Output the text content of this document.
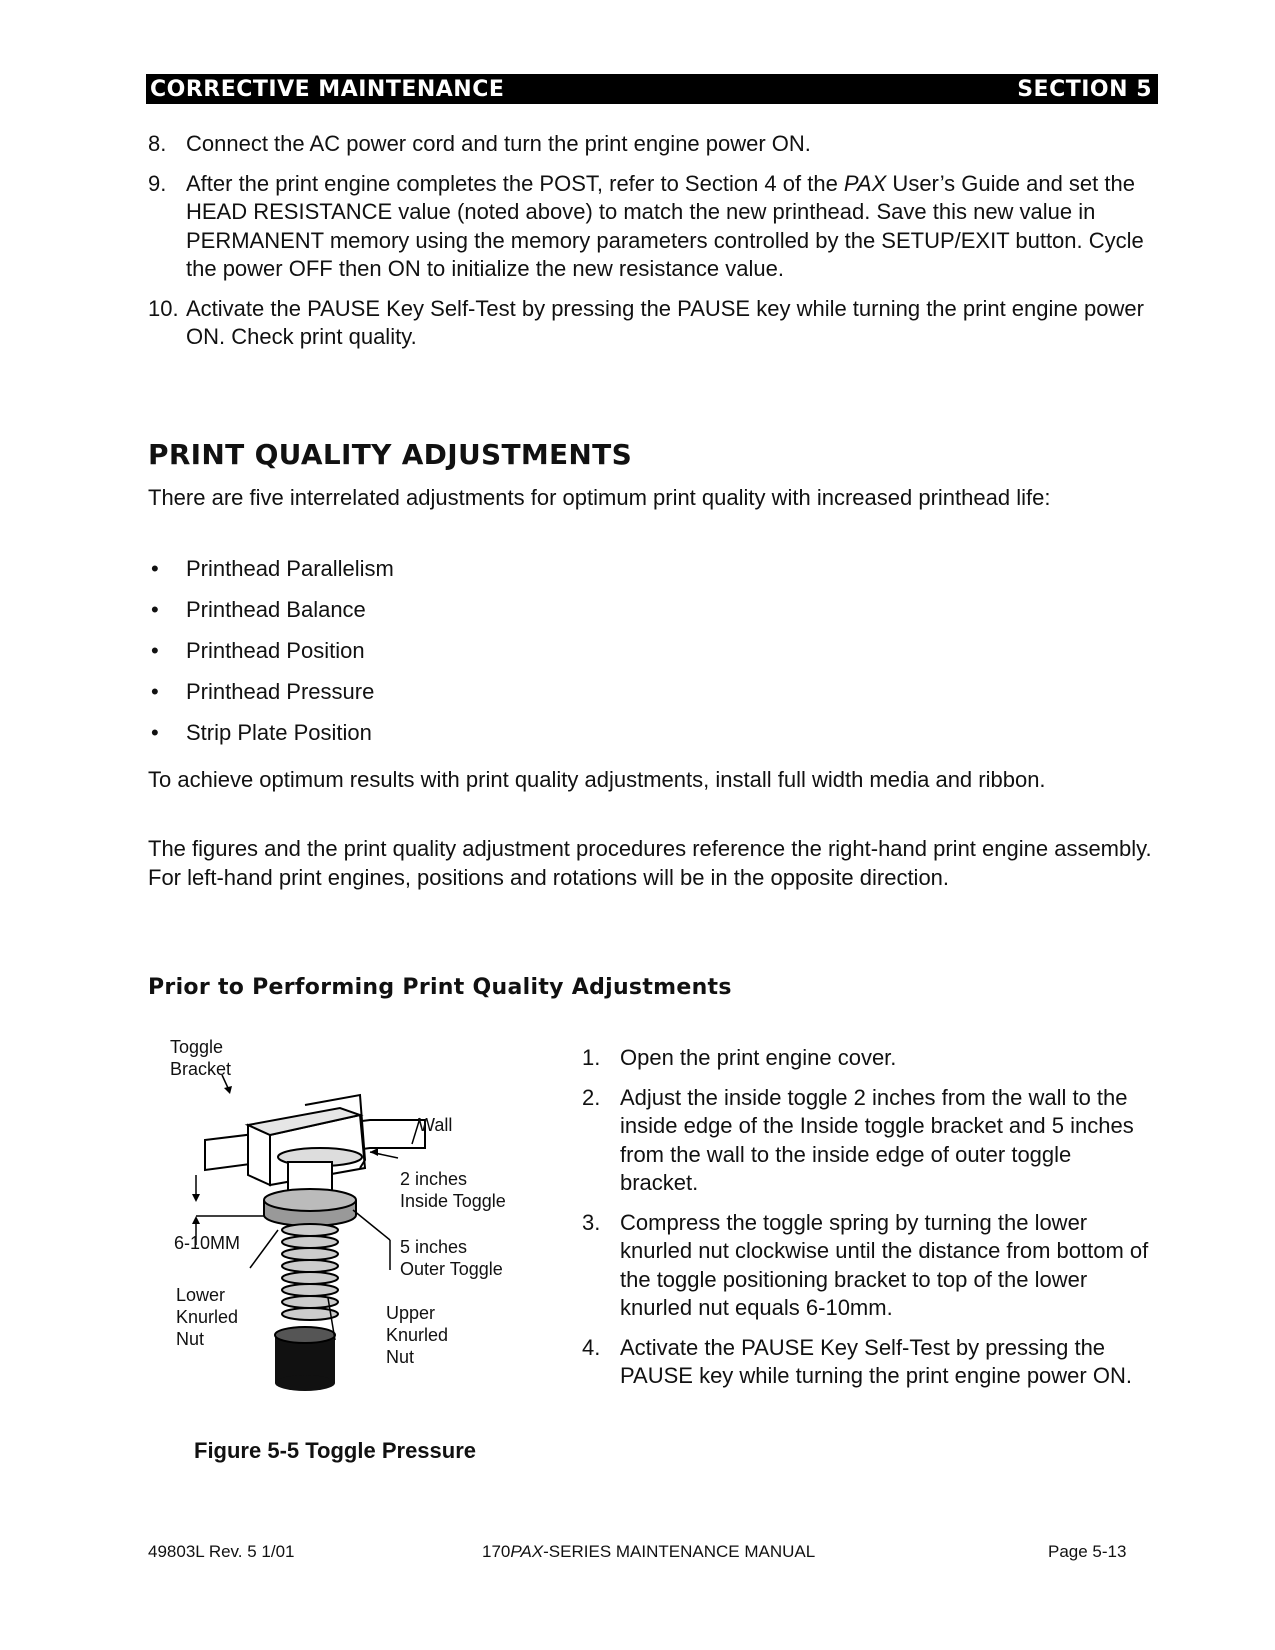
CORRECTIVE MAINTENANCE	SECTION 5
8. Connect the AC power cord and turn the print engine power ON.
9. After the print engine completes the POST, refer to Section 4 of the PAX User’s Guide and set the HEAD RESISTANCE value (noted above) to match the new printhead. Save this new value in PERMANENT memory using the memory parameters controlled by the SETUP/EXIT button. Cycle the power OFF then ON to initialize the new resistance value.
10. Activate the PAUSE Key Self-Test by pressing the PAUSE key while turning the print engine power ON. Check print quality.
PRINT QUALITY ADJUSTMENTS
There are five interrelated adjustments for optimum print quality with increased printhead life:
• Printhead Parallelism
• Printhead Balance
• Printhead Position
• Printhead Pressure
• Strip Plate Position
To achieve optimum results with print quality adjustments, install full width media and ribbon.
The figures and the print quality adjustment procedures reference the right-hand print engine assembly. For left-hand print engines, positions and rotations will be in the opposite direction.
Prior to Performing Print Quality Adjustments
Toggle
Bracket
Wall
2 inches
Inside Toggle
6-10MM	5 inches
Outer Toggle
Lower
Knurled
Nut
Upper
Knurled
Nut
Figure 5-5 Toggle Pressure
1. Open the print engine cover.
2. Adjust the inside toggle 2 inches from the wall to the inside edge of the Inside toggle bracket and 5 inches from the wall to the inside edge of outer toggle bracket.
3. Compress the toggle spring by turning the lower knurled nut clockwise until the distance from bottom of the toggle positioning bracket to top of the lower knurled nut equals 6-10mm.
4. Activate the PAUSE Key Self-Test by pressing the PAUSE key while turning the print engine power ON.
49803L Rev. 5 1/01	170PAX-SERIES MAINTENANCE MANUAL	Page 5-13
